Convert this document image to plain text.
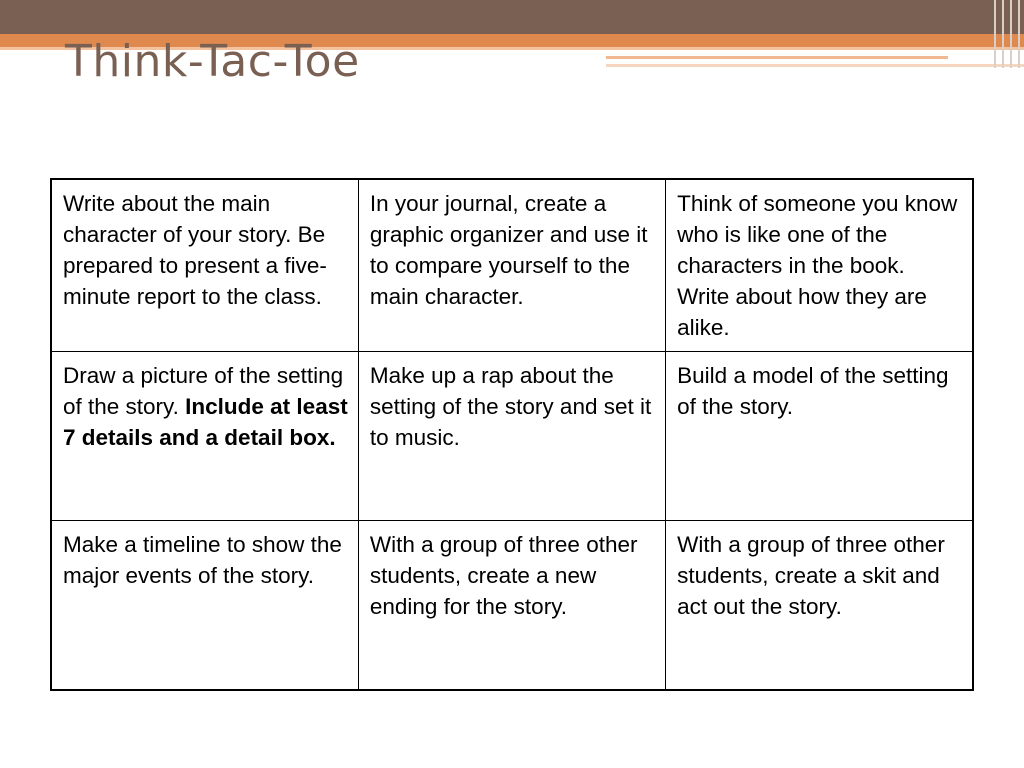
Think-Tac-Toe
Write about the main character of your story. Be prepared to present a five-minute report to the class.	In your journal, create a graphic organizer and use it to compare yourself to the main character.	Think of someone you know who is like one of the characters in the book. Write about how they are alike.
Draw a picture of the setting of the story. Include at least 7 details and a detail box.	Make up a rap about the setting of the story and set it to music.	Build a model of the setting of the story.
Make a timeline to show the major events of the story.	With a group of three other students, create a new ending for the story.	With a group of three other students, create a skit and act out the story.
